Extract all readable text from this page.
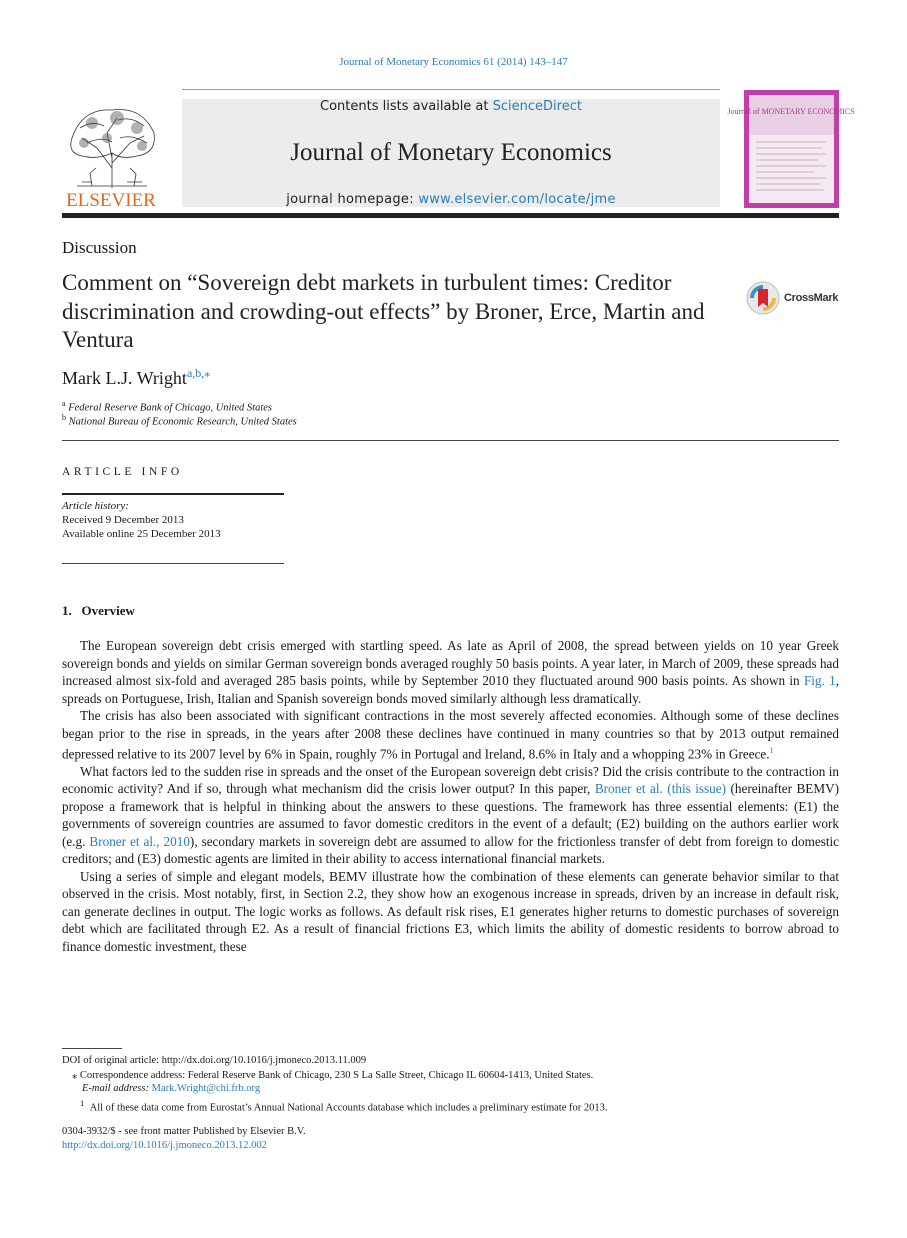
Journal of Monetary Economics 61 (2014) 143–147
Contents lists available at ScienceDirect
Journal of Monetary Economics
journal homepage: www.elsevier.com/locate/jme
ELSEVIER
Journal of MONETARY ECONOMICS
Discussion
Comment on “Sovereign debt markets in turbulent times: Creditor discrimination and crowding-out effects” by Broner, Erce, Martin and Ventura
CrossMark
Mark L.J. Wright$^{a,b,⁎}$
$^a$ Federal Reserve Bank of Chicago, United States
$^b$ National Bureau of Economic Research, United States
ARTICLE INFO
Article history:
Received 9 December 2013
Available online 25 December 2013
1. Overview

The European sovereign debt crisis emerged with startling speed. As late as April of 2008, the spread between yields on 10 year Greek sovereign bonds and yields on similar German sovereign bonds averaged roughly 50 basis points. A year later, in March of 2009, these spreads had increased almost six-fold and averaged 285 basis points, while by September 2010 they fluctuated around 900 basis points. As shown in Fig. 1, spreads on Portuguese, Irish, Italian and Spanish sovereign bonds moved similarly although less dramatically.

The crisis has also been associated with significant contractions in the most severely affected economies. Although some of these declines began prior to the rise in spreads, in the years after 2008 these declines have continued in many countries so that by 2013 output remained depressed relative to its 2007 level by 6% in Spain, roughly 7% in Portugal and Ireland, 8.6% in Italy and a whopping 23% in Greece.$^1$

What factors led to the sudden rise in spreads and the onset of the European sovereign debt crisis? Did the crisis contribute to the contraction in economic activity? And if so, through what mechanism did the crisis lower output? In this paper, Broner et al. (this issue) (hereinafter BEMV) propose a framework that is helpful in thinking about the answers to these questions. The framework has three essential elements: (E1) the governments of sovereign countries are assumed to favor domestic creditors in the event of a default; (E2) building on the authors earlier work (e.g. Broner et al., 2010), secondary markets in sovereign debt are assumed to allow for the frictionless transfer of debt from foreign to domestic creditors; and (E3) domestic agents are limited in their ability to access international financial markets.

Using a series of simple and elegant models, BEMV illustrate how the combination of these elements can generate behavior similar to that observed in the crisis. Most notably, first, in Section 2.2, they show how an exogenous increase in spreads, driven by an increase in default risk, can generate declines in output. The logic works as follows. As default risk rises, E1 generates higher returns to domestic purchases of sovereign debt which are facilitated through E2. As a result of financial frictions E3, which limits the ability of domestic residents to borrow abroad to finance domestic investment, these

DOI of original article: http://dx.doi.org/10.1016/j.jmoneco.2013.11.009
⁎ Correspondence address: Federal Reserve Bank of Chicago, 230 S La Salle Street, Chicago IL 60604-1413, United States.
E-mail address: Mark.Wright@chi.frb.org
$^1$ All of these data come from Eurostat’s Annual National Accounts database which includes a preliminary estimate for 2013.
0304-3932/$ - see front matter Published by Elsevier B.V.
http://dx.doi.org/10.1016/j.jmoneco.2013.12.002
